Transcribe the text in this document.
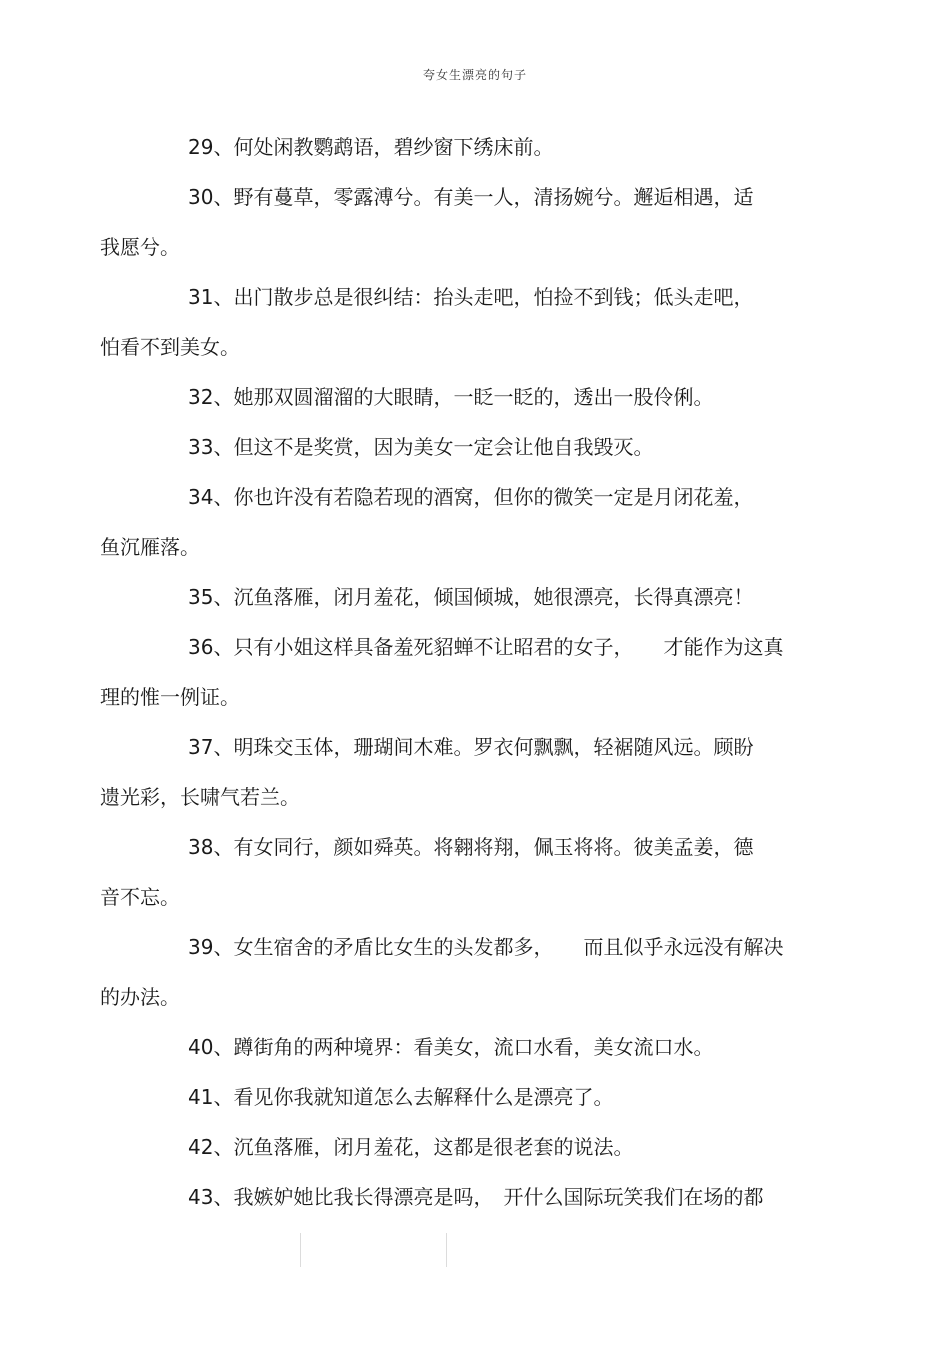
夸女生漂亮的句子

29、何处闲教鹦鹉语，碧纱窗下绣床前。

30、野有蔓草，零露溥兮。有美一人，清扬婉兮。邂逅相遇，适
我愿兮。

31、出门散步总是很纠结：抬头走吧，怕捡不到钱；低头走吧，
怕看不到美女。

32、她那双圆溜溜的大眼睛，一眨一眨的，透出一股伶俐。

33、但这不是奖赏，因为美女一定会让他自我毁灭。

34、你也许没有若隐若现的酒窝，但你的微笑一定是月闭花羞，
鱼沉雁落。

35、沉鱼落雁，闭月羞花，倾国倾城，她很漂亮，长得真漂亮！

36、只有小姐这样具备羞死貂蝉不让昭君的女子，　　才能作为这真
理的惟一例证。

37、明珠交玉体，珊瑚间木难。罗衣何飘飘，轻裾随风远。顾盼
遗光彩，长啸气若兰。

38、有女同行，颜如舜英。将翱将翔，佩玉将将。彼美孟姜，德
音不忘。

39、女生宿舍的矛盾比女生的头发都多，　　而且似乎永远没有解决
的办法。

40、蹲街角的两种境界：看美女，流口水看，美女流口水。

41、看见你我就知道怎么去解释什么是漂亮了。

42、沉鱼落雁，闭月羞花，这都是很老套的说法。

43、我嫉妒她比我长得漂亮是吗，　开什么国际玩笑我们在场的都
